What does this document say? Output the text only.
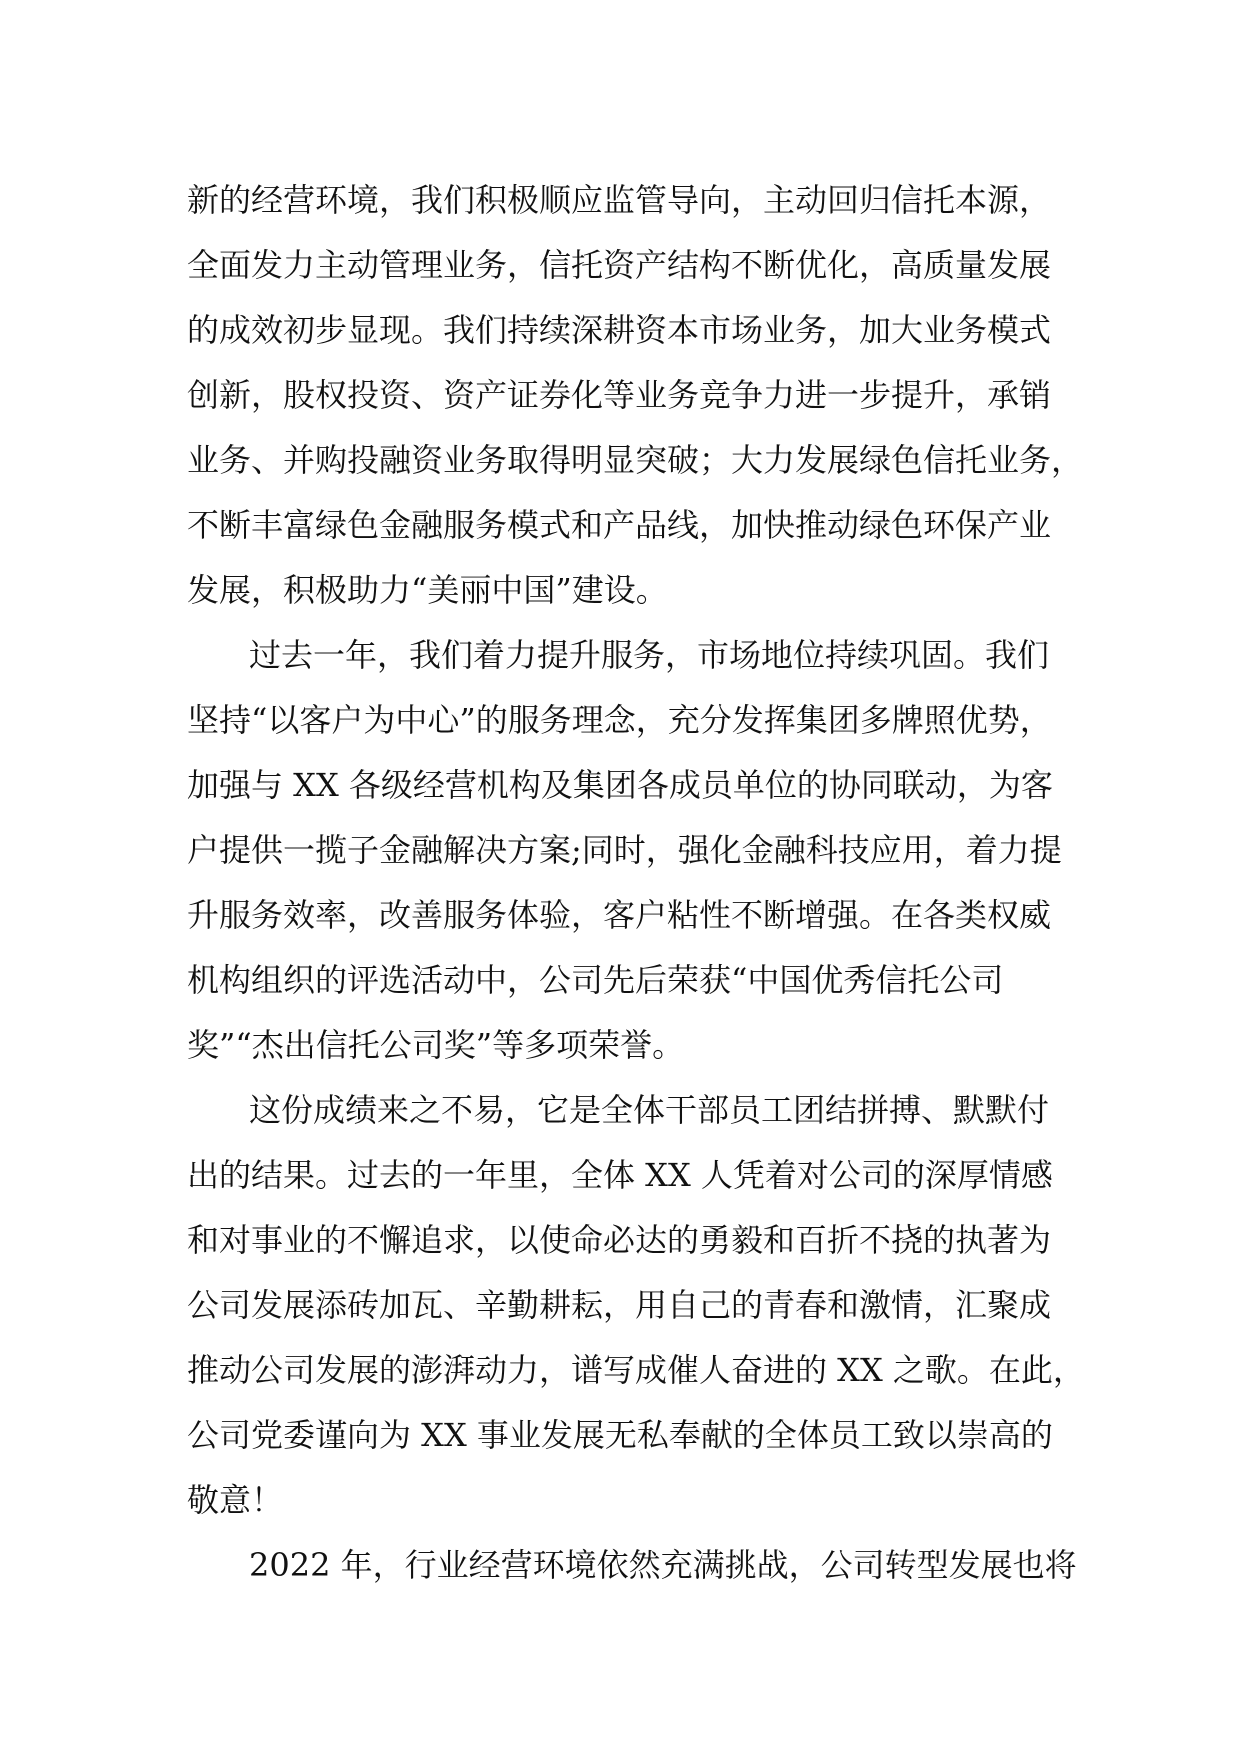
新的经营环境，我们积极顺应监管导向，主动回归信托本源，
全面发力主动管理业务，信托资产结构不断优化，高质量发展
的成效初步显现。我们持续深耕资本市场业务，加大业务模式
创新，股权投资、资产证券化等业务竞争力进一步提升，承销
业务、并购投融资业务取得明显突破；大力发展绿色信托业务，
不断丰富绿色金融服务模式和产品线，加快推动绿色环保产业
发展，积极助力“美丽中国”建设。
过去一年，我们着力提升服务，市场地位持续巩固。我们
坚持“以客户为中心”的服务理念，充分发挥集团多牌照优势，
加强与 XX 各级经营机构及集团各成员单位的协同联动，为客
户提供一揽子金融解决方案;同时，强化金融科技应用，着力提
升服务效率，改善服务体验，客户粘性不断增强。在各类权威
机构组织的评选活动中，公司先后荣获“中国优秀信托公司
奖”“杰出信托公司奖”等多项荣誉。
这份成绩来之不易，它是全体干部员工团结拼搏、默默付
出的结果。过去的一年里，全体 XX 人凭着对公司的深厚情感
和对事业的不懈追求，以使命必达的勇毅和百折不挠的执著为
公司发展添砖加瓦、辛勤耕耘，用自己的青春和激情，汇聚成
推动公司发展的澎湃动力，谱写成催人奋进的 XX 之歌。在此，
公司党委谨向为 XX 事业发展无私奉献的全体员工致以崇高的
敬意！
2022 年，行业经营环境依然充满挑战，公司转型发展也将
